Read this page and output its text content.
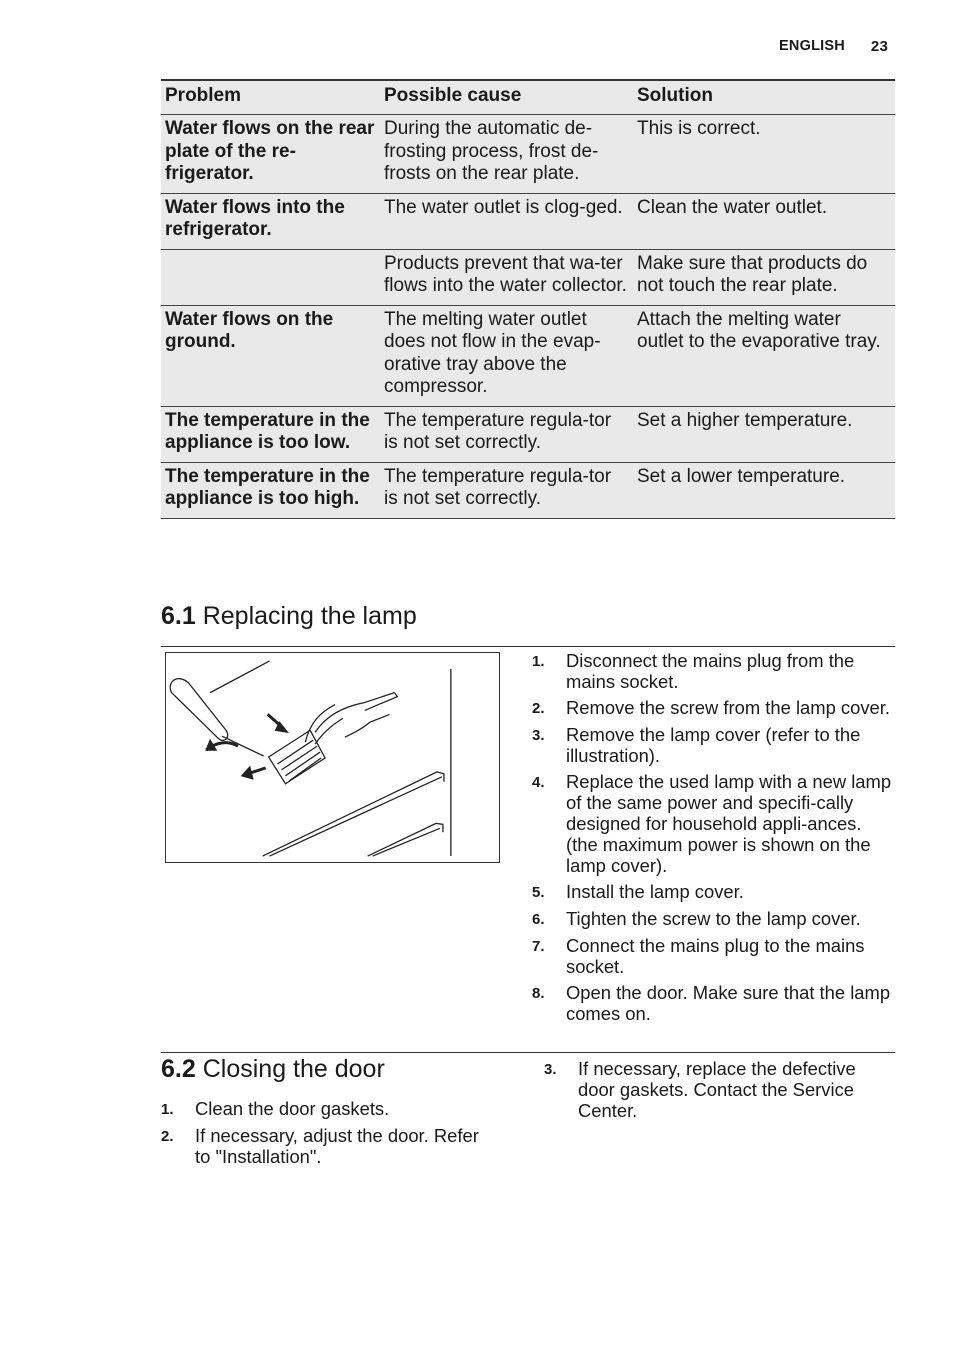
ENGLISH 23
Problem	Possible cause	Solution
Water flows on the rear plate of the re-frigerator.	During the automatic de-frosting process, frost de-frosts on the rear plate.	This is correct.
Water flows into the refrigerator.	The water outlet is clog-ged.	Clean the water outlet.
	Products prevent that wa-ter flows into the water collector.	Make sure that products do not touch the rear plate.
Water flows on the ground.	The melting water outlet does not flow in the evap-orative tray above the compressor.	Attach the melting water outlet to the evaporative tray.
The temperature in the appliance is too low.	The temperature regula-tor is not set correctly.	Set a higher temperature.
The temperature in the appliance is too high.	The temperature regula-tor is not set correctly.	Set a lower temperature.
6.1 Replacing the lamp
1.	Disconnect the mains plug from the mains socket.
2.	Remove the screw from the lamp cover.
3.	Remove the lamp cover (refer to the illustration).
4.	Replace the used lamp with a new lamp of the same power and specifi-cally designed for household appli-ances. (the maximum power is shown on the lamp cover).
5.	Install the lamp cover.
6.	Tighten the screw to the lamp cover.
7.	Connect the mains plug to the mains socket.
8.	Open the door. Make sure that the lamp comes on.
6.2 Closing the door
1.	Clean the door gaskets.
2.	If necessary, adjust the door. Refer to "Installation".
3.	If necessary, replace the defective door gaskets. Contact the Service Center.
